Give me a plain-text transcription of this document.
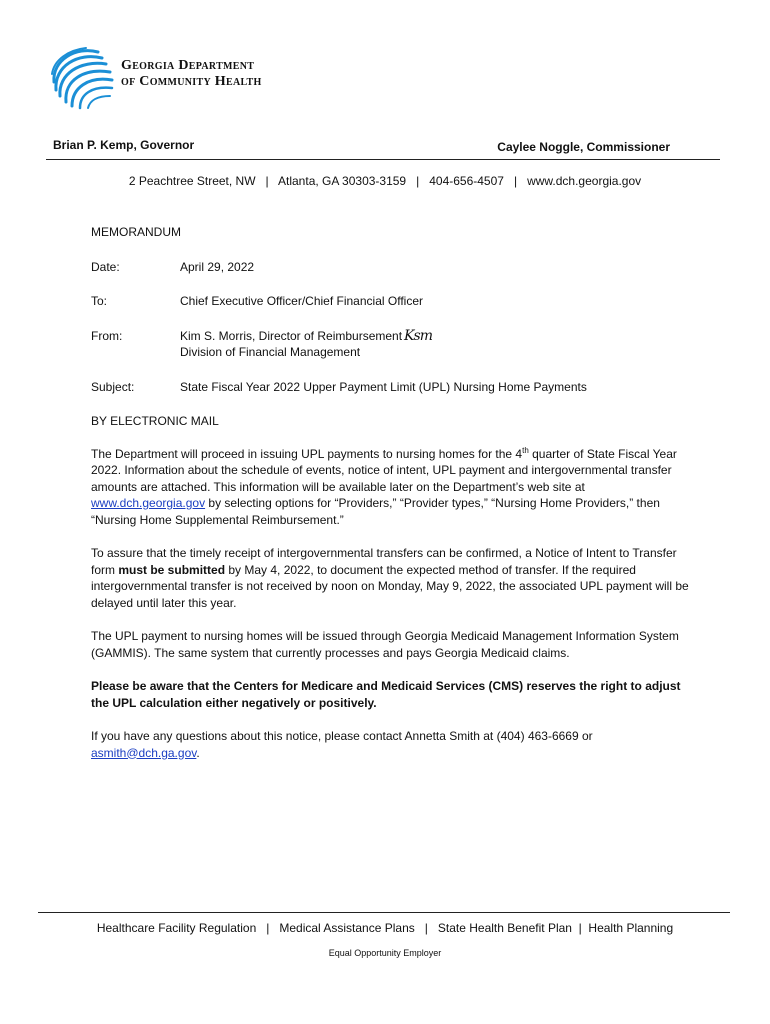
Georgia Department
of Community Health
Brian P. Kemp, Governor	Caylee Noggle, Commissioner
2 Peachtree Street, NW   |   Atlanta, GA 30303-3159   |   404-656-4507   |   www.dch.georgia.gov
MEMORANDUM
Date:	April 29, 2022
To:	Chief Executive Officer/Chief Financial Officer
From:	Kim S. Morris, Director of Reimbursement Ksm
Division of Financial Management
Subject:	State Fiscal Year 2022 Upper Payment Limit (UPL) Nursing Home Payments
BY ELECTRONIC MAIL

The Department will proceed in issuing UPL payments to nursing homes for the 4th quarter of State Fiscal Year 2022. Information about the schedule of events, notice of intent, UPL payment and intergovernmental transfer amounts are attached. This information will be available later on the Department’s web site at www.dch.georgia.gov by selecting options for “Providers,” “Provider types,” “Nursing Home Providers,” then “Nursing Home Supplemental Reimbursement.”

To assure that the timely receipt of intergovernmental transfers can be confirmed, a Notice of Intent to Transfer form must be submitted by May 4, 2022, to document the expected method of transfer. If the required intergovernmental transfer is not received by noon on Monday, May 9, 2022, the associated UPL payment will be delayed until later this year.

The UPL payment to nursing homes will be issued through Georgia Medicaid Management Information System (GAMMIS). The same system that currently processes and pays Georgia Medicaid claims.

Please be aware that the Centers for Medicare and Medicaid Services (CMS) reserves the right to adjust the UPL calculation either negatively or positively.

If you have any questions about this notice, please contact Annetta Smith at (404) 463-6669 or asmith@dch.ga.gov.

Healthcare Facility Regulation   |   Medical Assistance Plans   |   State Health Benefit Plan  |  Health Planning
Equal Opportunity Employer
